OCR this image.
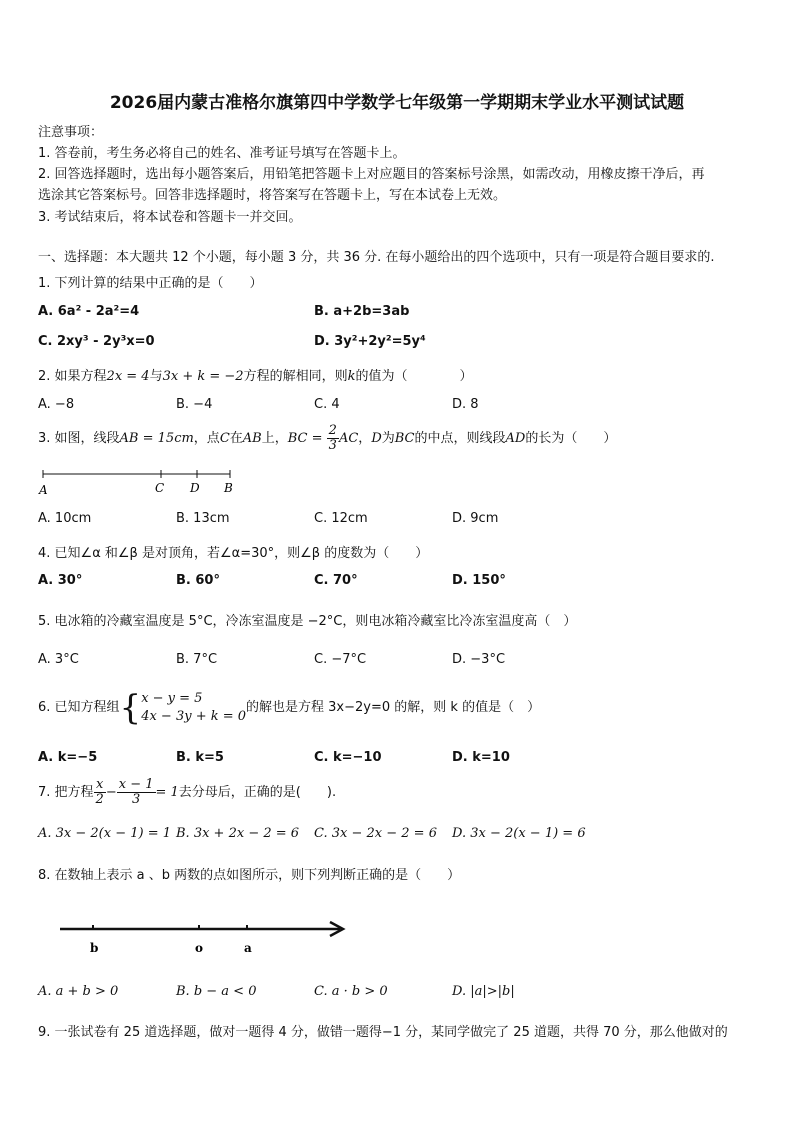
2026届内蒙古准格尔旗第四中学数学七年级第一学期期末学业水平测试试题
注意事项：
1. 答卷前，考生务必将自己的姓名、准考证号填写在答题卡上。
2. 回答选择题时，选出每小题答案后，用铅笔把答题卡上对应题目的答案标号涂黑，如需改动，用橡皮擦干净后，再
选涂其它答案标号。回答非选择题时，将答案写在答题卡上，写在本试卷上无效。
3. 考试结束后，将本试卷和答题卡一并交回。
一、选择题：本大题共 12 个小题，每小题 3 分，共 36 分. 在每小题给出的四个选项中，只有一项是符合题目要求的.
1. 下列计算的结果中正确的是（　　）
A. 6a² - 2a²=4	B. a+2b=3ab
C. 2xy³ - 2y³x=0	D. 3y²+2y²=5y⁴
2. 如果方程2x = 4与3x + k = −2方程的解相同，则k的值为（　　　　）
A. −8	B. −4	C. 4	D. 8
3. 如图，线段AB = 15cm，点C在AB上，BC = $\frac{2}{3}$ AC，D为BC的中点，则线段AD的长为（　　）
A	C D B
A. 10cm	B. 13cm	C. 12cm	D. 9cm
4. 已知∠α 和∠β 是对顶角，若∠α=30°，则∠β 的度数为（　　）
A. 30°	B. 60°	C. 70°	D. 150°
5. 电冰箱的冷藏室温度是 5°C，冷冻室温度是 −2°C，则电冰箱冷藏室比冷冻室温度高（　）
A. 3°C	B. 7°C	C. −7°C	D. −3°C
6. 已知方程组{ x − y = 5
4x − 3y + k = 0
的解也是方程 3x−2y=0 的解，则 k 的值是（　）
A. k=−5	B. k=5	C. k=−10	D. k=10
7. 把方程 $\frac{x}{2} - \frac{x - 1}{3} = 1$去分母后，正确的是(　　).
A. 3x − 2(x − 1) = 1 B. 3x + 2x − 2 = 6 C. 3x − 2x − 2 = 6 D. 3x − 2(x − 1) = 6
8. 在数轴上表示 a 、b 两数的点如图所示，则下列判断正确的是（　　）
b	o	a
A. a + b > 0	B. b − a < 0	C. a · b > 0	D. |a|>|b|
9. 一张试卷有 25 道选择题，做对一题得 4 分，做错一题得−1 分，某同学做完了 25 道题，共得 70 分，那么他做对的
